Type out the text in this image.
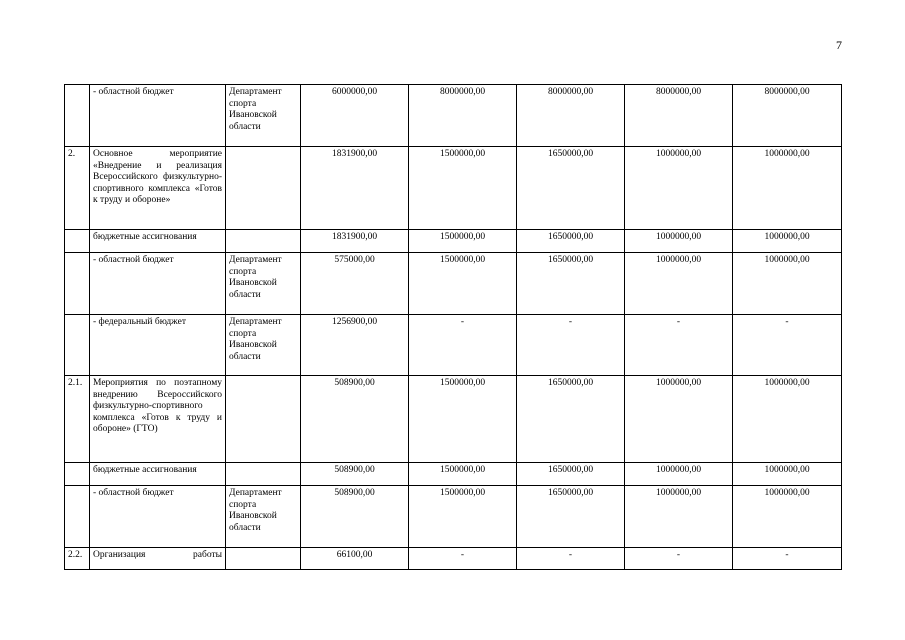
7
	- областной бюджет	Департамент спорта Ивановской области	6000000,00	8000000,00	8000000,00	8000000,00	8000000,00
2.	Основное мероприятие «Внедрение и реализация Всероссийского физкультурно-спортивного комплекса «Готов к труду и обороне»		1831900,00	1500000,00	1650000,00	1000000,00	1000000,00
	бюджетные ассигнования		1831900,00	1500000,00	1650000,00	1000000,00	1000000,00
	- областной бюджет	Департамент спорта Ивановской области	575000,00	1500000,00	1650000,00	1000000,00	1000000,00
	- федеральный бюджет	Департамент спорта Ивановской области	1256900,00	-	-	-	-
2.1.	Мероприятия по поэтапному внедрению Всероссийского физкультурно-спортивного комплекса «Готов к труду и обороне» (ГТО)		508900,00	1500000,00	1650000,00	1000000,00	1000000,00
	бюджетные ассигнования		508900,00	1500000,00	1650000,00	1000000,00	1000000,00
	- областной бюджет	Департамент спорта Ивановской области	508900,00	1500000,00	1650000,00	1000000,00	1000000,00
2.2.	Организация работы		66100,00	-	-	-	-
